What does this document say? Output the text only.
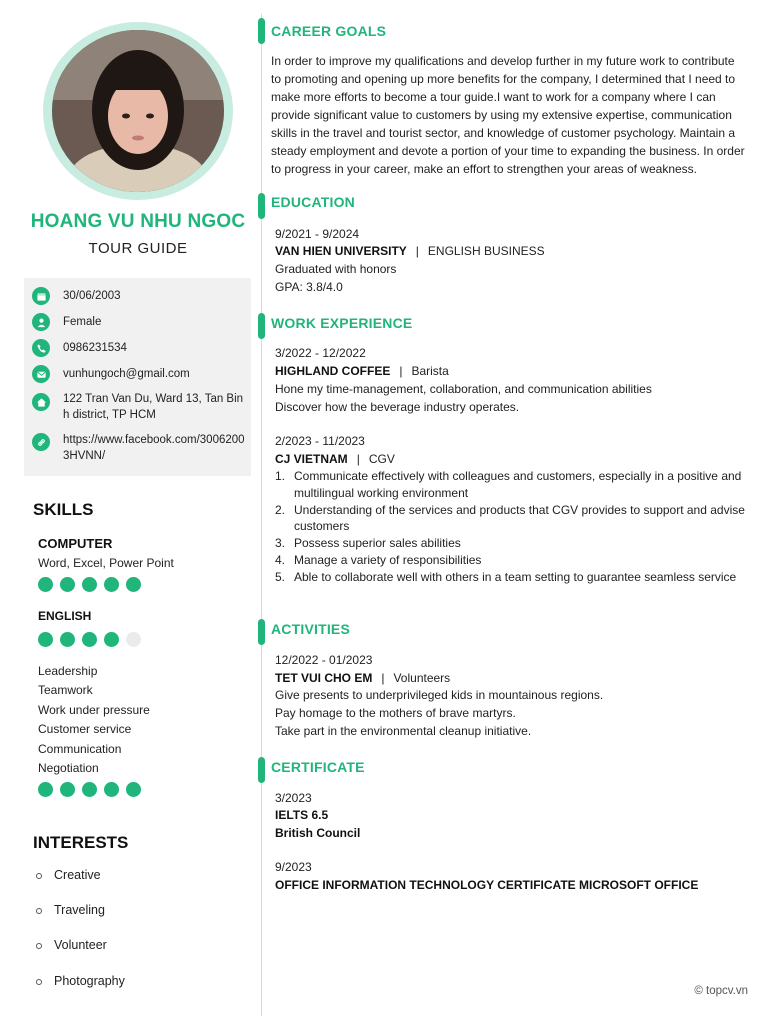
HOANG VU NHU NGOC
TOUR GUIDE
30/06/2003
Female
0986231534
vunhungoch@gmail.com
122 Tran Van Du, Ward 13, Tan Binh district, TP HCM
https://www.facebook.com/30062003HVNN/
SKILLS
COMPUTER
Word, Excel, Power Point
ENGLISH
Leadership
Teamwork
Work under pressure
Customer service
Communication
Negotiation
INTERESTS
Creative
Traveling
Volunteer
Photography
CAREER GOALS
In order to improve my qualifications and develop further in my future work to contribute to promoting and opening up more benefits for the company, I determined that I need to make more efforts to become a tour guide.I want to work for a company where I can provide significant value to customers by using my extensive expertise, communication skills in the travel and tourist sector, and knowledge of customer psychology. Maintain a steady employment and devote a portion of your time to expanding the business. In order to progress in your career, make an effort to strengthen your areas of weakness.
EDUCATION
9/2021 - 9/2024
VAN HIEN UNIVERSITY | ENGLISH BUSINESS
Graduated with honors
GPA: 3.8/4.0
WORK EXPERIENCE
3/2022 - 12/2022
HIGHLAND COFFEE | Barista
Hone my time-management, collaboration, and communication abilities
Discover how the beverage industry operates.
2/2023 - 11/2023
CJ VIETNAM | CGV
1. Communicate effectively with colleagues and customers, especially in a positive and multilingual working environment
2. Understanding of the services and products that CGV provides to support and advise customers
3. Possess superior sales abilities
4. Manage a variety of responsibilities
5. Able to collaborate well with others in a team setting to guarantee seamless service
ACTIVITIES
12/2022 - 01/2023
TET VUI CHO EM | Volunteers
Give presents to underprivileged kids in mountainous regions.
Pay homage to the mothers of brave martyrs.
Take part in the environmental cleanup initiative.
CERTIFICATE
3/2023
IELTS 6.5
British Council
9/2023
OFFICE INFORMATION TECHNOLOGY CERTIFICATE MICROSOFT OFFICE
© topcv.vn
